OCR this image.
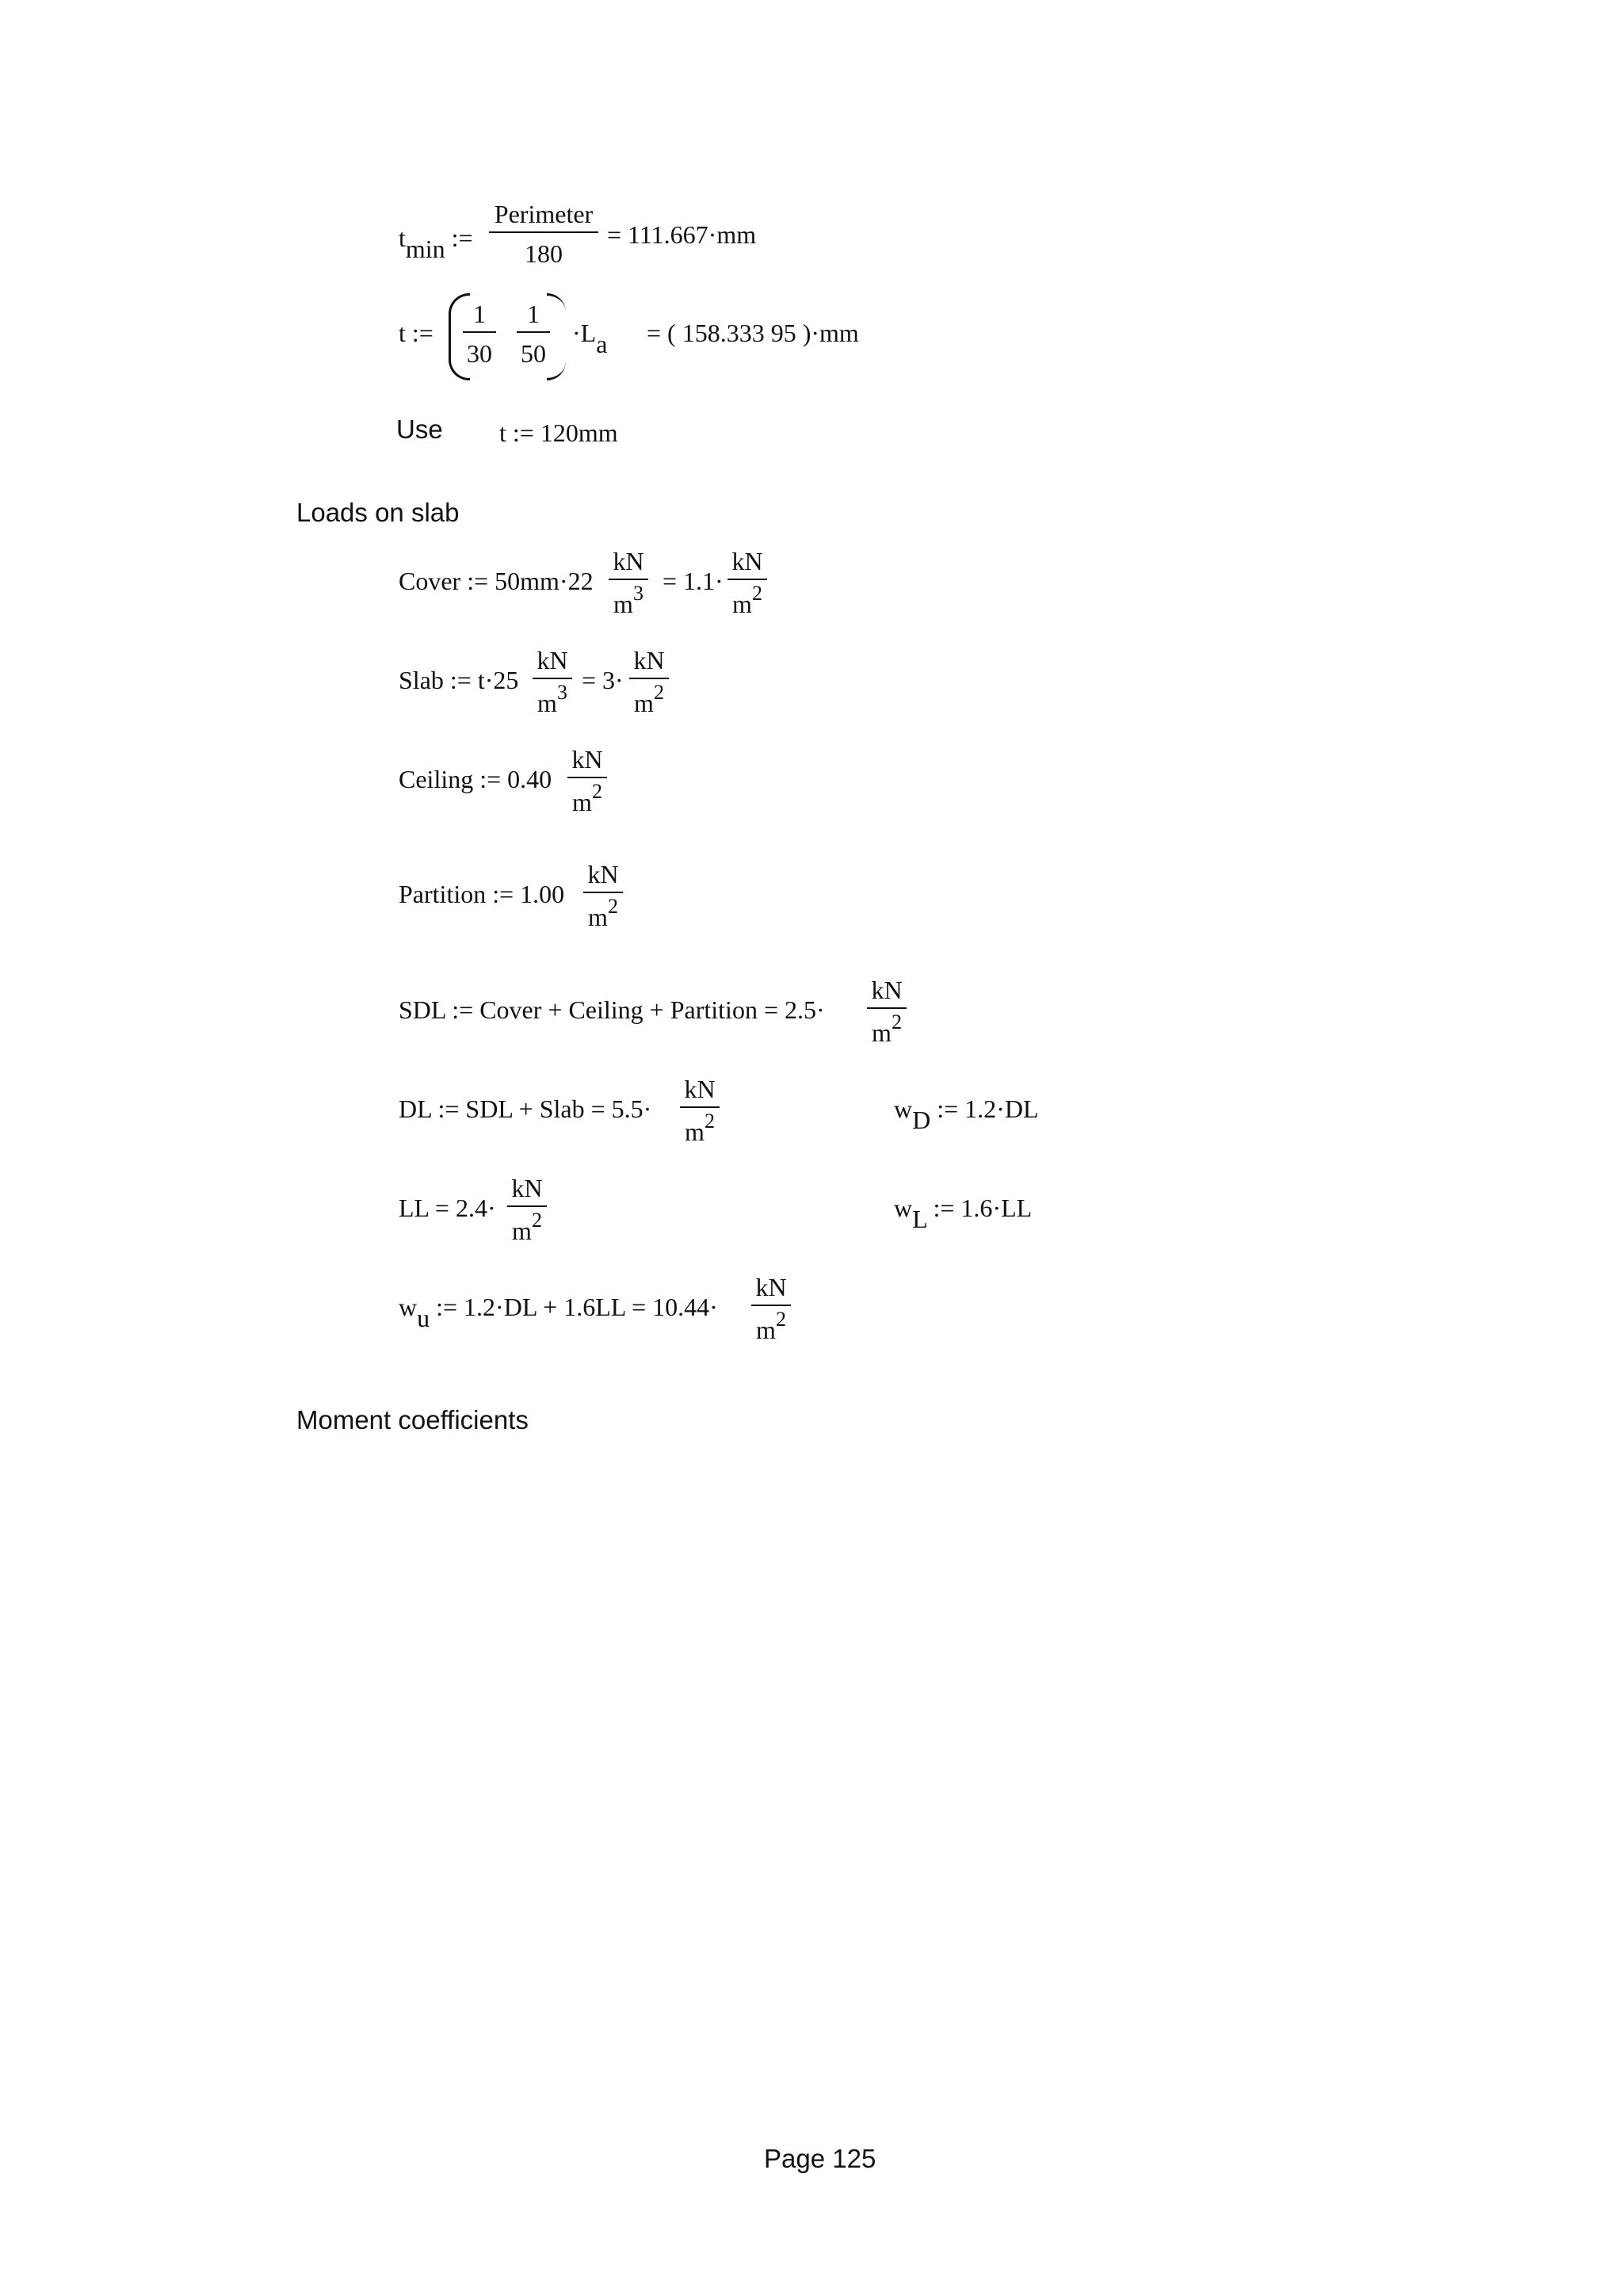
tmin :=
Perimeter
180
= 111.667·mm
t :=
1
30
1
50
·La = ( 158.333 95 )·mm
Use t := 120mm
Loads on slab
Cover := 50mm·22
kN
$m^3 = 1.1\cdot$
kN
$m^2$
Slab := t·25
kN
$m^3 = 3\cdot$
kN
$m^2$
Ceiling := 0.40
kN
$m^2$
Partition := 1.00
kN
$m^2$
SDL := Cover + Ceiling + Partition = 2.5·
kN
$m^2$
DL := SDL + Slab = 5.5·
kN
$m^2$	wD := 1.2·DL
LL = 2.4·
kN
$m^2$	wL := 1.6·LL
wu := 1.2·DL + 1.6LL = 10.44·
kN
$m^2$
Moment coefficients
Page 125
